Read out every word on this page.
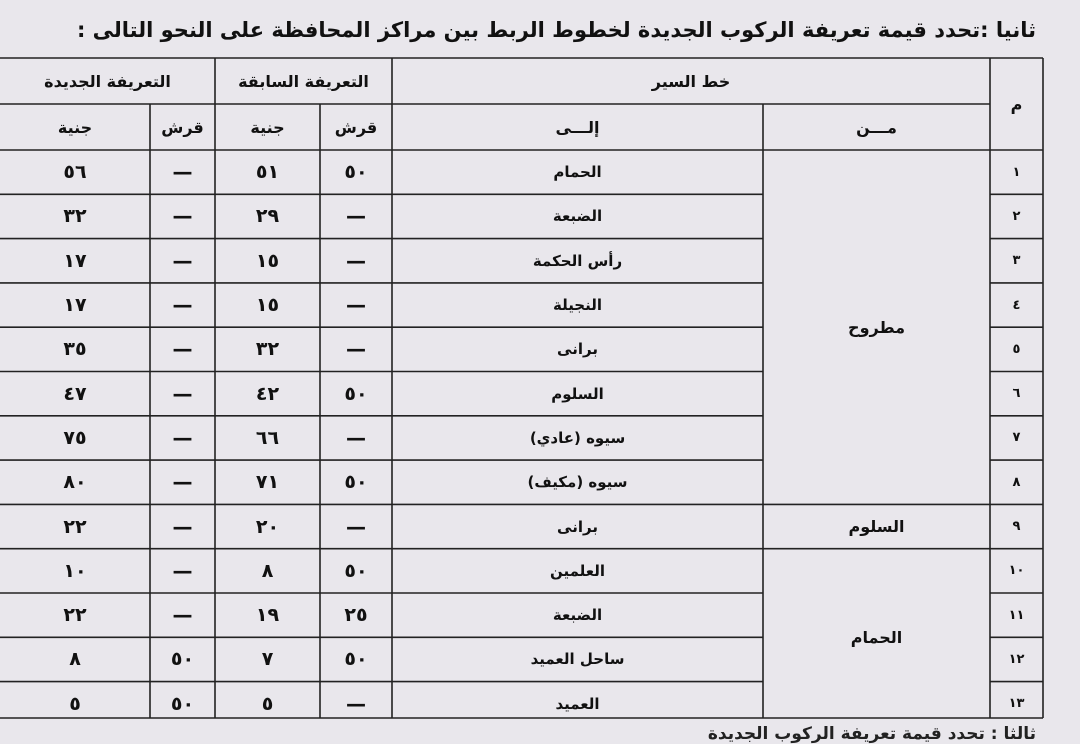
ثانيا :تحدد قيمة تعريفة الركوب الجديدة لخطوط الربط بين مراكز المحافظة على النحو التالى :
م
خط السير
مـــن
إلـــى
التعريفة السابقة
التعريفة الجديدة
قرش
جنية
قرش
جنية
١
الحمام
٥٠
٥١
—
٥٦
٢
الضبعة
—
٢٩
—
٣٢
٣
رأس الحكمة
—
١٥
—
١٧
٤
النجيلة
—
١٥
—
١٧
٥
برانى
—
٣٢
—
٣٥
٦
السلوم
٥٠
٤٢
—
٤٧
٧
سيوه (عادي)
—
٦٦
—
٧٥
٨
سيوه (مكيف)
٥٠
٧١
—
٨٠
٩
برانى
—
٢٠
—
٢٢
١٠
العلمين
٥٠
٨
—
١٠
١١
الضبعة
٢٥
١٩
—
٢٢
١٢
ساحل العميد
٥٠
٧
٥٠
٨
١٣
العميد
—
٥
٥٠
٥
مطروح
السلوم
الحمام
ثالثا : تحدد قيمة تعريفة الركوب الجديدة
